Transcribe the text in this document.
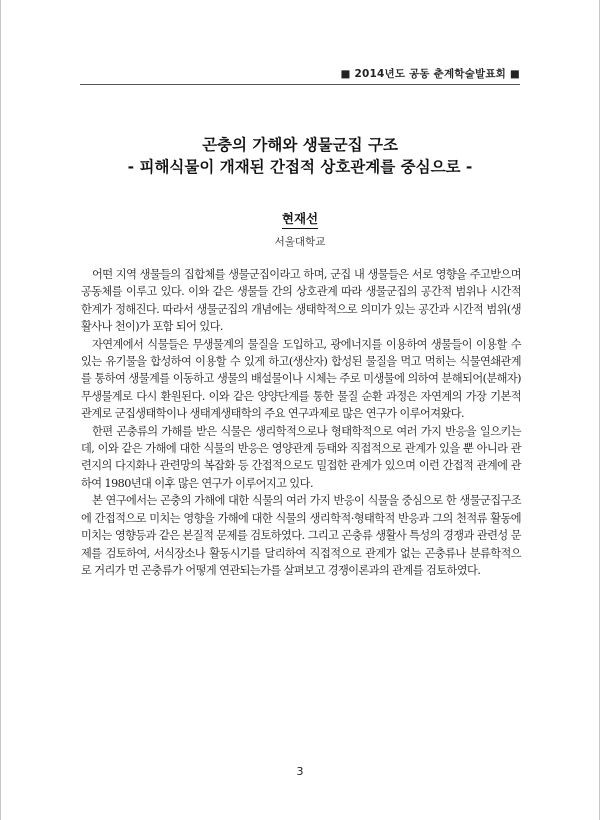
■ 2014년도 공동 춘계학술발표회 ■
곤충의 가해와 생물군집 구조
- 피해식물이 개재된 간접적 상호관계를 중심으로 -
현재선
서울대학교

어떤 지역 생물들의 집합체를 생물군집이라고 하며, 군집 내 생물들은 서로 영향을 주고받으며 공동체를 이루고 있다. 이와 같은 생물들 간의 상호관계 따라 생물군집의 공간적 범위나 시간적 한계가 정해진다. 따라서 생물군집의 개념에는 생태학적으로 의미가 있는 공간과 시간적 범위(생활사나 천이)가 포함 되어 있다.

자연계에서 식물들은 무생물계의 물질을 도입하고, 광에너지를 이용하여 생물들이 이용할 수 있는 유기물을 합성하여 이용할 수 있게 하고(생산자) 합성된 물질을 먹고 먹히는 식물연쇄관계를 통하여 생물계를 이동하고 생물의 배설물이나 시체는 주로 미생물에 의하여 분해되어(분해자)무생물계로 다시 환원된다. 이와 같은 양양단계를 통한 물질 순환 과정은 자연계의 가장 기본적 관계로 군집생태학이나 생태계생태학의 주요 연구과제로 많은 연구가 이루어져왔다.

한편 곤충류의 가해를 받은 식물은 생리학적으로나 형태학적으로 여러 가지 반응을 일으키는데, 이와 같은 가해에 대한 식물의 반응은 영양관계 등태와 직접적으로 관계가 있을 뿐 아니라 관련지의 다지화나 관련망의 복잡화 등 간접적으로도 밀접한 관계가 있으며 이런 간접적 관계에 관하여 1980년대 이후 많은 연구가 이루어지고 있다.

본 연구에서는 곤충의 가해에 대한 식물의 여러 가지 반응이 식물을 중심으로 한 생물군집구조에 간접적으로 미치는 영향을 가해에 대한 식물의 생리학적·형태학적 반응과 그의 천적류 활동에 미치는 영향등과 같은 본질적 문제를 검토하였다. 그리고 곤충류 생활사 특성의 경쟁과 관련성 문제를 검토하여, 서식장소나 활동시기를 달리하여 직접적으로 관계가 없는 곤충류나 분류학적으로 거리가 먼 곤충류가 어떻게 연관되는가를 살펴보고 경쟁이론과의 관계를 검토하였다.

3
